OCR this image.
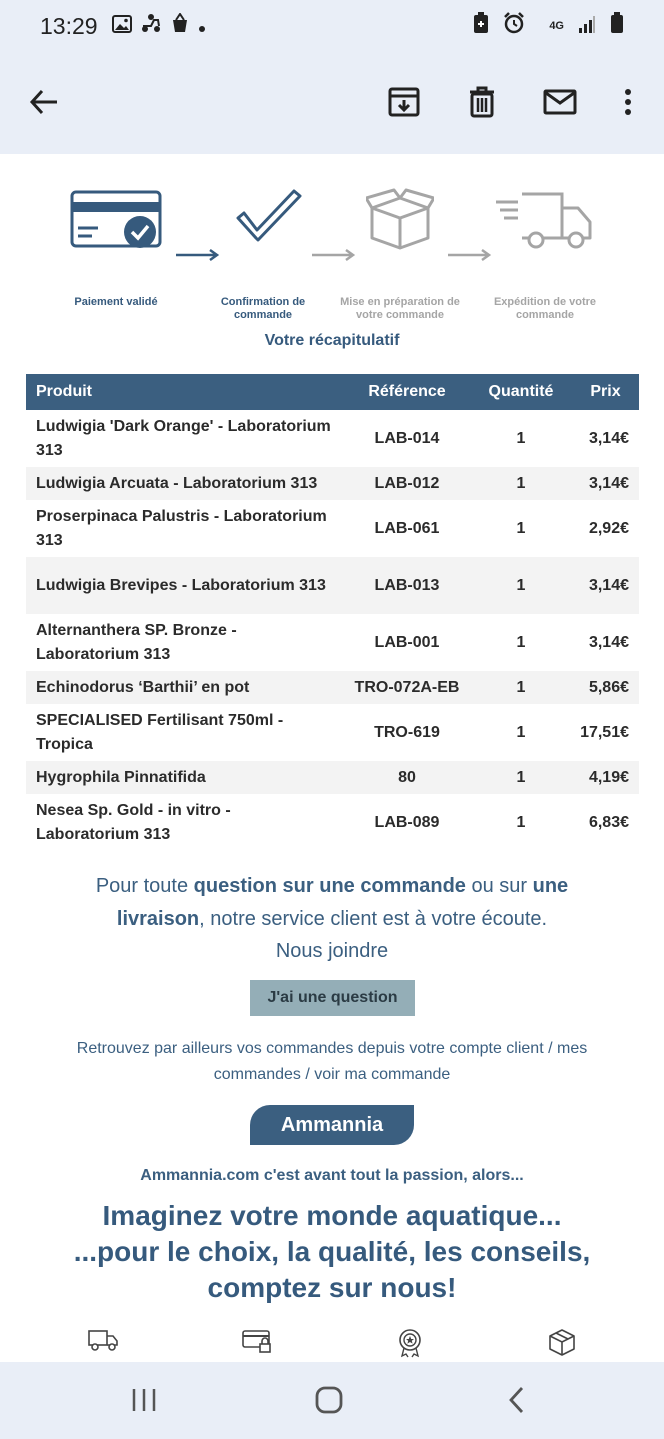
13:29	4G
Paiement validé	Confirmation de commande
Mise en préparation de votre commande
Expédition de votre commande
Votre récapitulatif
Produit	Référence	Quantité	Prix
Ludwigia 'Dark Orange' - Laboratorium 313	LAB-014	1	3,14€
Ludwigia Arcuata - Laboratorium 313	LAB-012	1	3,14€
Proserpinaca Palustris - Laboratorium 313	LAB-061	1	2,92€
Ludwigia Brevipes - Laboratorium 313	LAB-013	1	3,14€
Alternanthera SP. Bronze - Laboratorium 313	LAB-001	1	3,14€
Echinodorus ‘Barthii’ en pot	TRO-072A-EB	1	5,86€
SPECIALISED Fertilisant 750ml - Tropica	TRO-619	1	17,51€
Hygrophila Pinnatifida	80	1	4,19€
Nesea Sp. Gold - in vitro - Laboratorium 313	LAB-089	1	6,83€
Pour toute question sur une commande ou sur une livraison, notre service client est à votre écoute.
Nous joindre
J'ai une question
Retrouvez par ailleurs vos commandes depuis votre compte client / mes commandes / voir ma commande
Ammannia
Ammannia.com c'est avant tout la passion, alors...
Imaginez votre monde aquatique...
...pour le choix, la qualité, les conseils,
comptez sur nous!
